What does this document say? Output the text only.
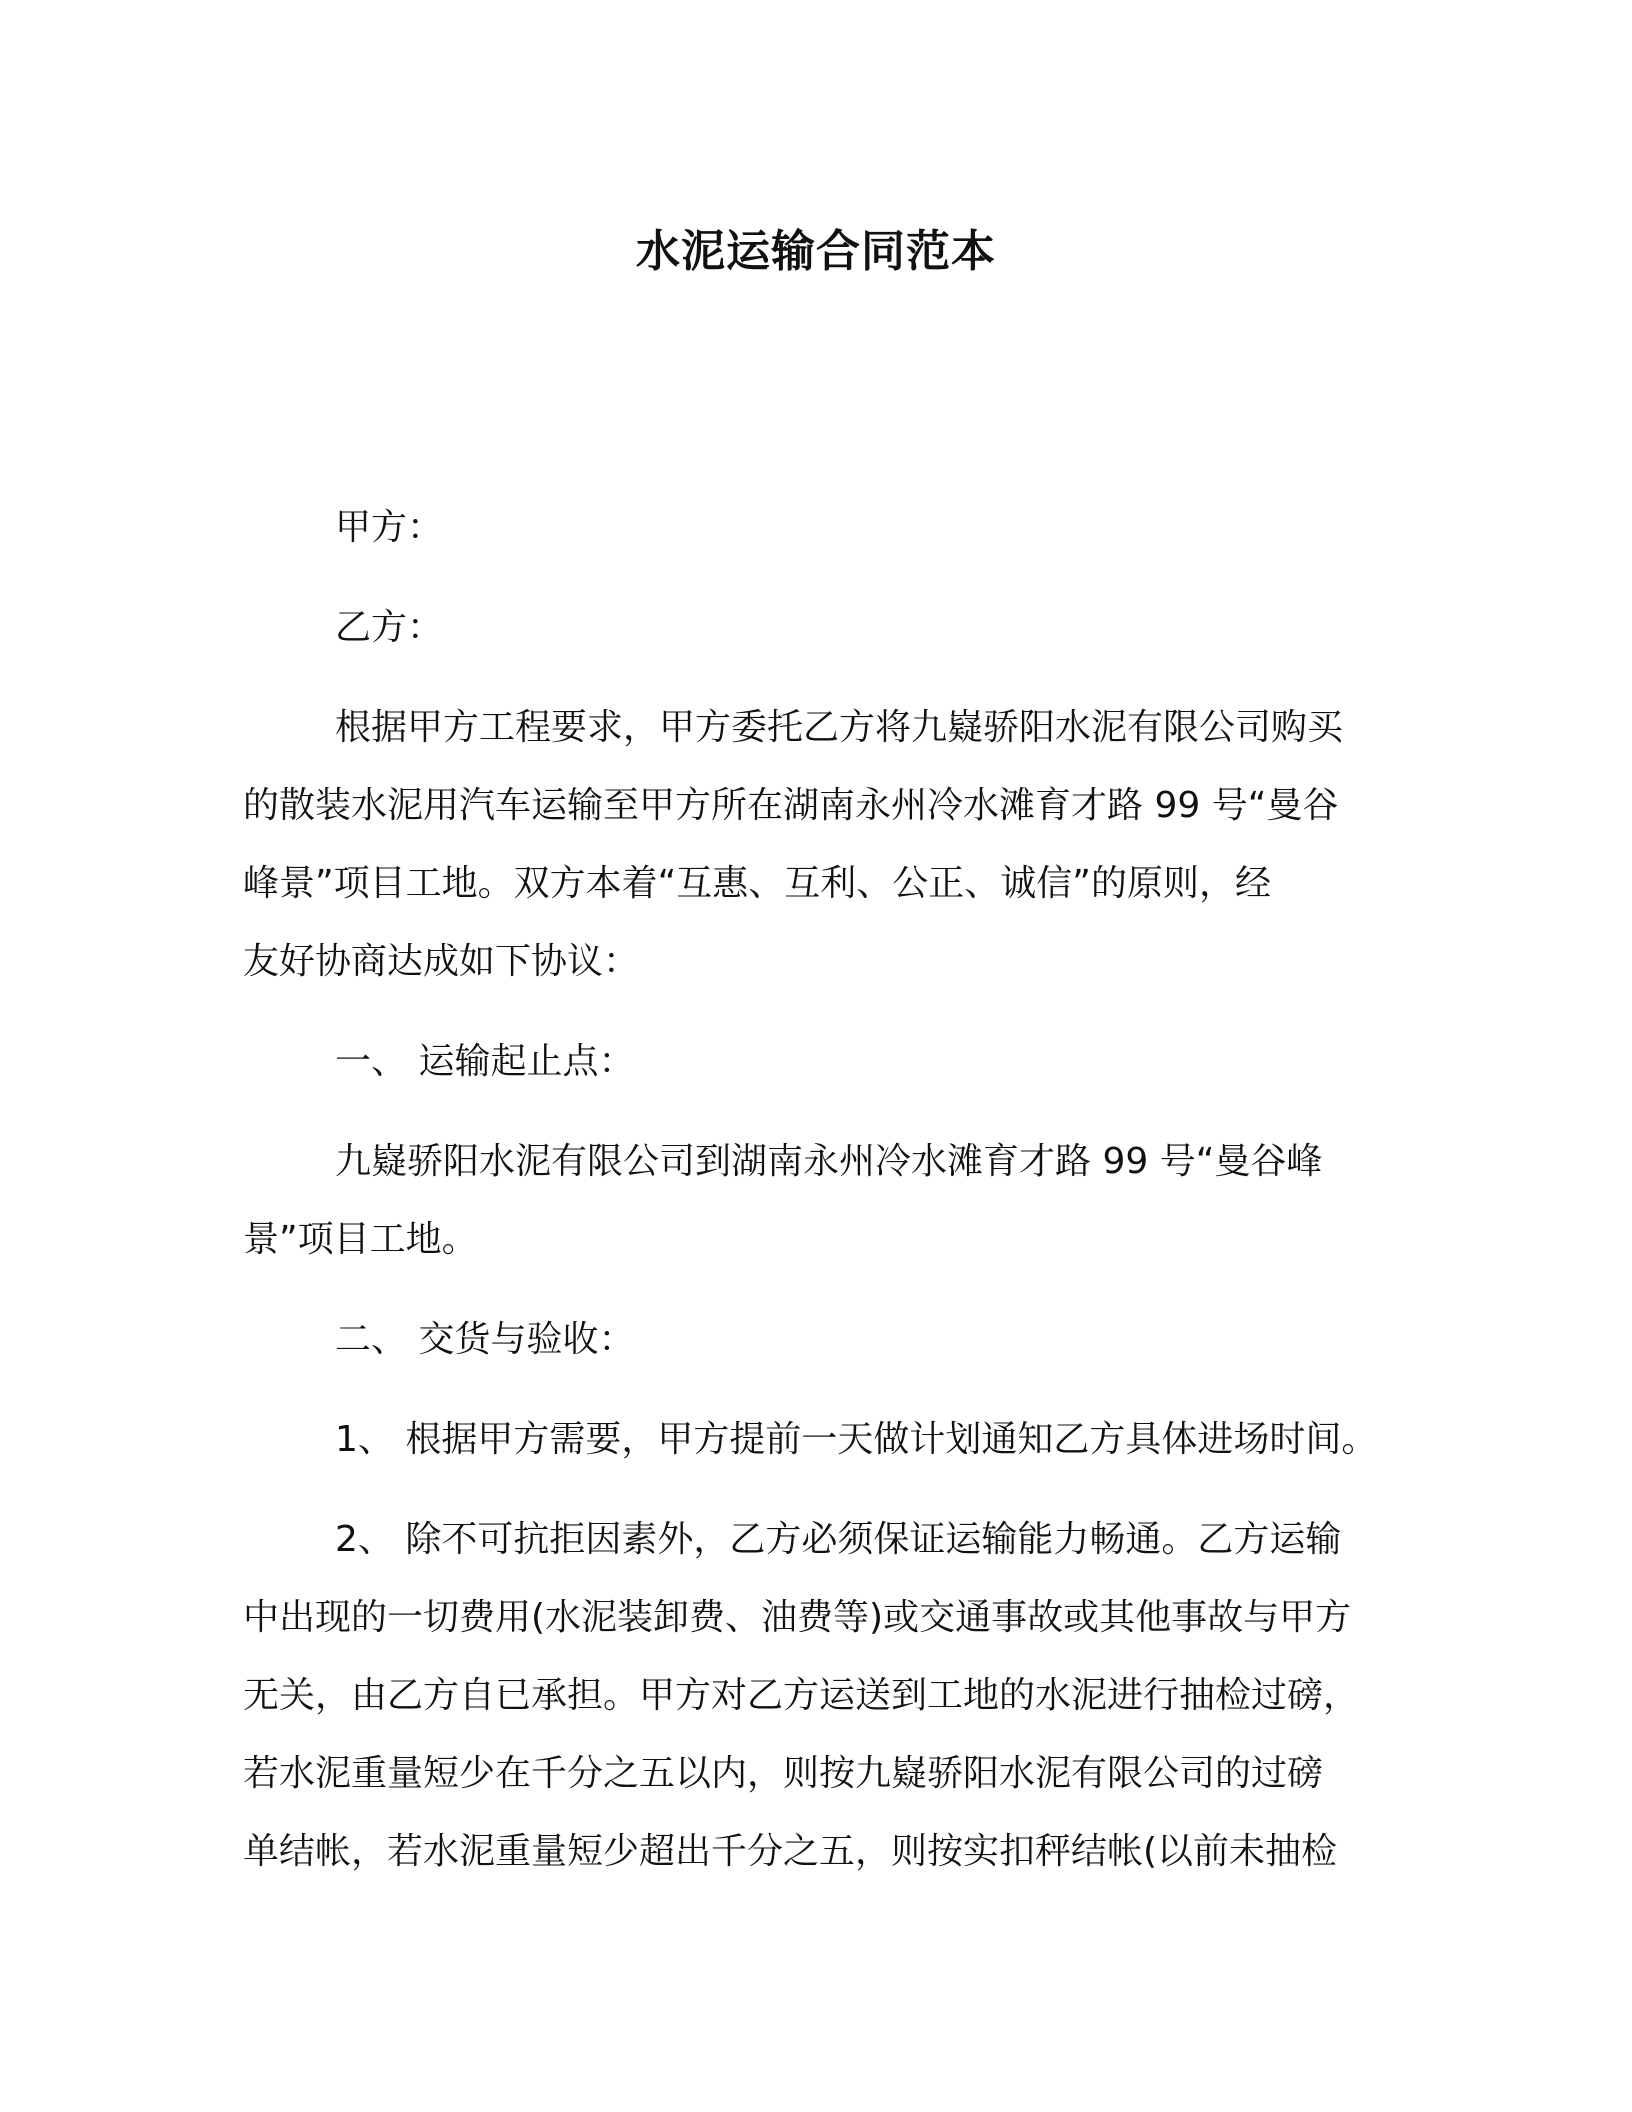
水泥运输合同范本
甲方：
乙方：
根据甲方工程要求，甲方委托乙方将九嶷骄阳水泥有限公司购买
的散装水泥用汽车运输至甲方所在湖南永州冷水滩育才路 99 号“曼谷
峰景”项目工地。双方本着“互惠、互利、公正、诚信”的原则，经
友好协商达成如下协议：
一、 运输起止点：
九嶷骄阳水泥有限公司到湖南永州冷水滩育才路 99 号“曼谷峰
景”项目工地。
二、 交货与验收：
1、 根据甲方需要，甲方提前一天做计划通知乙方具体进场时间。
2、 除不可抗拒因素外，乙方必须保证运输能力畅通。乙方运输
中出现的一切费用(水泥装卸费、油费等)或交通事故或其他事故与甲方
无关，由乙方自已承担。甲方对乙方运送到工地的水泥进行抽检过磅，
若水泥重量短少在千分之五以内，则按九嶷骄阳水泥有限公司的过磅
单结帐，若水泥重量短少超出千分之五，则按实扣秤结帐(以前未抽检
